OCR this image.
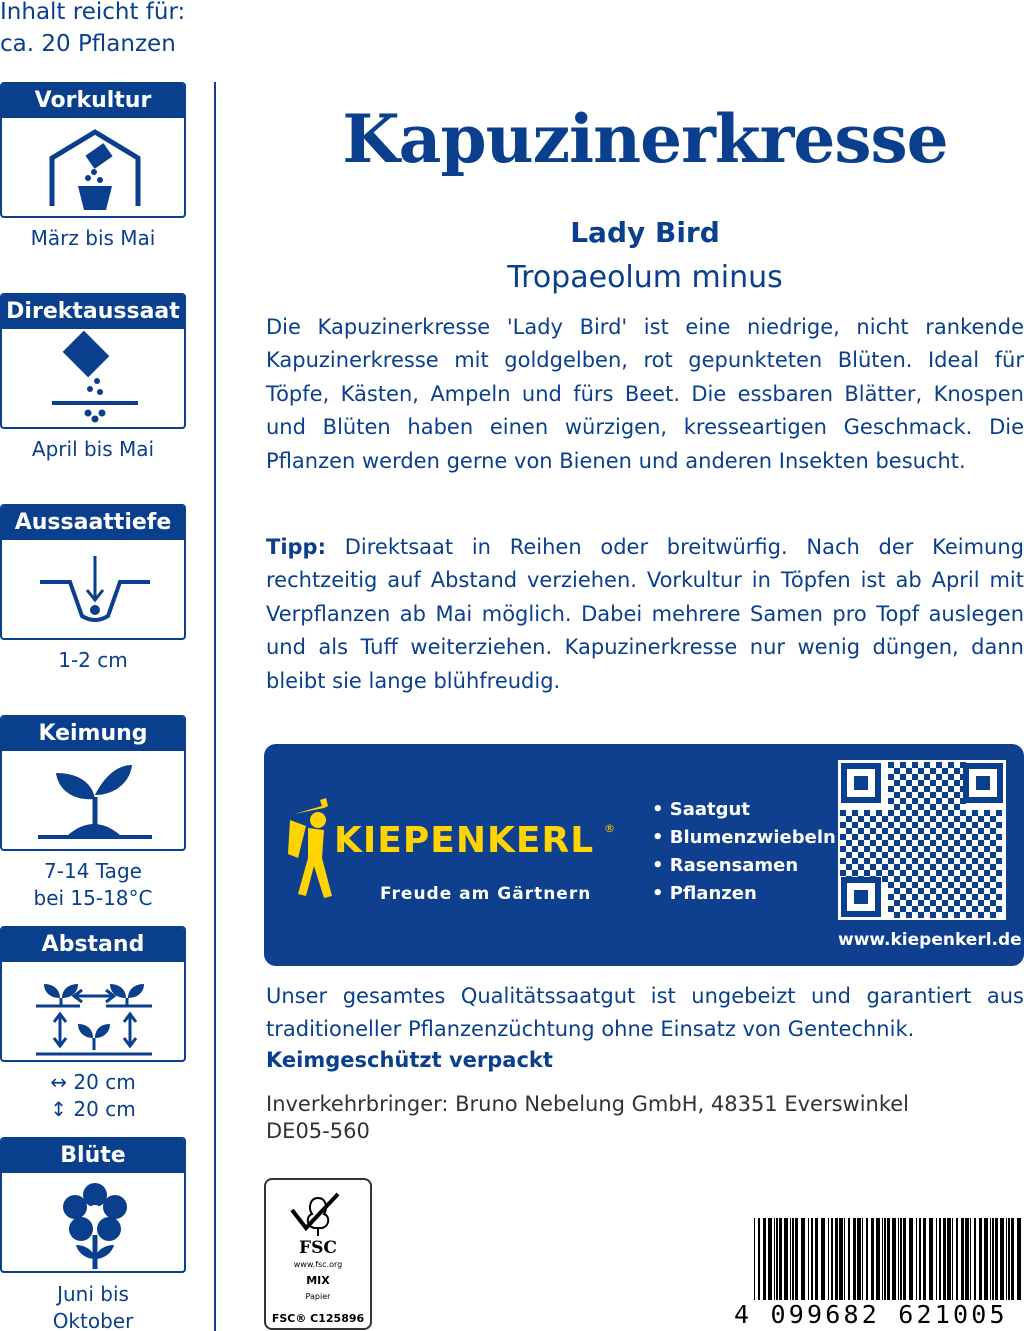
Inhalt reicht für:
ca. 20 Pflanzen
Vorkultur
März bis Mai
Direktaussaat
April bis Mai
Aussaattiefe
1-2 cm
Keimung
7-14 Tage
bei 15-18°C
Abstand
↔ 20 cm
↕ 20 cm
Blüte
Juni bis
Oktober
Kapuzinerkresse
Lady Bird
Tropaeolum minus
Die Kapuzinerkresse 'Lady Bird' ist eine niedrige, nicht rankende Kapuzinerkresse mit goldgelben, rot gepunkteten Blüten. Ideal für Töpfe, Kästen, Ampeln und fürs Beet. Die essbaren Blätter, Knospen und Blüten haben einen würzigen, kresseartigen Geschmack. Die Pflanzen werden gerne von Bienen und anderen Insekten besucht.
Tipp: Direktsaat in Reihen oder breitwürfig. Nach der Keimung rechtzeitig auf Abstand verziehen. Vorkultur in Töpfen ist ab April mit Verpflanzen ab Mai möglich. Dabei mehrere Samen pro Topf auslegen und als Tuff weiterziehen. Kapuzinerkresse nur wenig düngen, dann bleibt sie lange blühfreudig.
KIEPENKERL ®
Freude am Gärtnern
• Saatgut
• Blumenzwiebeln
• Rasensamen
• Pflanzen
www.kiepenkerl.de
Unser gesamtes Qualitätssaatgut ist ungebeizt und garantiert aus traditioneller Pflanzenzüchtung ohne Einsatz von Gentechnik.
Keimgeschützt verpackt
Inverkehrbringer: Bruno Nebelung GmbH, 48351 Everswinkel
DE05-560
FSC
www.fsc.org
MIX
Papier
FSC® C125896	4 099682 621005
